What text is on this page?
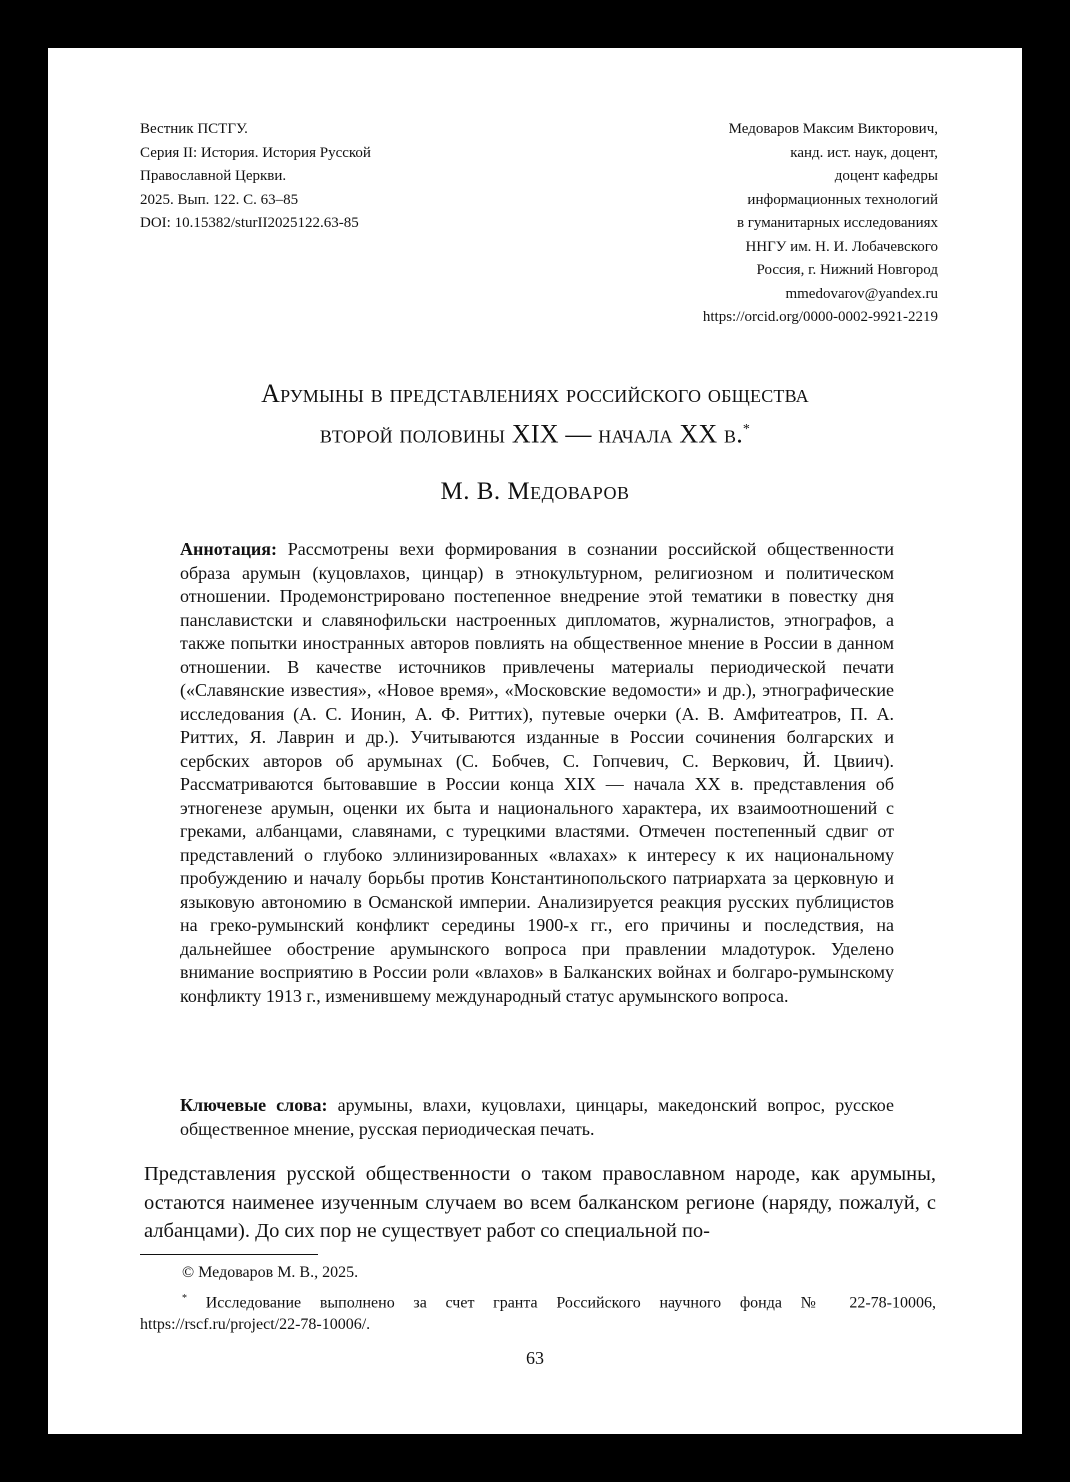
Вестник ПСТГУ.
Серия II: История. История Русской
Православной Церкви.
2025. Вып. 122. С. 63–85
DOI: 10.15382/sturII2025122.63-85
Медоваров Максим Викторович,
канд. ист. наук, доцент,
доцент кафедры
информационных технологий
в гуманитарных исследованиях
ННГУ им. Н. И. Лобачевского
Россия, г. Нижний Новгород
mmedovarov@yandex.ru
https://orcid.org/0000-0002-9921-2219
Арумыны в представлениях российского общества
второй половины XIX — начала XX в.*
М. В. Медоваров
Аннотация: Рассмотрены вехи формирования в сознании российской общественности образа арумын (куцовлахов, цинцар) в этнокультурном, религиозном и политическом отношении. Продемонстрировано постепенное внедрение этой тематики в повестку дня панславистски и славянофильски настроенных дипломатов, журналистов, этнографов, а также попытки иностранных авторов повлиять на общественное мнение в России в данном отношении. В качестве источников привлечены материалы периодической печати («Славянские известия», «Новое время», «Московские ведомости» и др.), этнографические исследования (А. С. Ионин, А. Ф. Риттих), путевые очерки (А. В. Амфитеатров, П. А. Риттих, Я. Лаврин и др.). Учитываются изданные в России сочинения болгарских и сербских авторов об арумынах (С. Бобчев, С. Гопчевич, С. Веркович, Й. Цвиич). Рассматриваются бытовавшие в России конца XIX — начала XX в. представления об этногенезе арумын, оценки их быта и национального характера, их взаимоотношений с греками, албанцами, славянами, с турецкими властями. Отмечен постепенный сдвиг от представлений о глубоко эллинизированных «влахах» к интересу к их национальному пробуждению и началу борьбы против Константинопольского патриархата за церковную и языковую автономию в Османской империи. Анализируется реакция русских публицистов на греко-румынский конфликт середины 1900-х гг., его причины и последствия, на дальнейшее обострение арумынского вопроса при правлении младотурок. Уделено внимание восприятию в России роли «влахов» в Балканских войнах и болгаро-румынскому конфликту 1913 г., изменившему международный статус арумынского вопроса.
Ключевые слова: арумыны, влахи, куцовлахи, цинцары, македонский вопрос, русское общественное мнение, русская периодическая печать.
Представления русской общественности о таком православном народе, как арумыны, остаются наименее изученным случаем во всем балканском регионе (наряду, пожалуй, с албанцами). До сих пор не существует работ со специальной по-
© Медоваров М. В., 2025.
* Исследование выполнено за счет гранта Российского научного фонда № 22-78-10006, https://rscf.ru/project/22-78-10006/.
63
